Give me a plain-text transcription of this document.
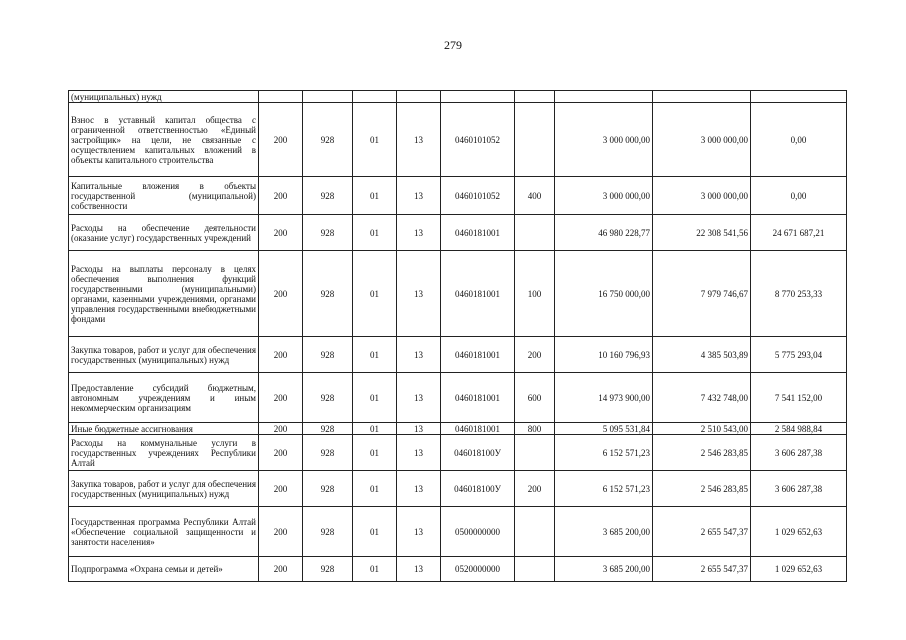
279
(муниципальных) нужд									
Взнос в уставный капитал общества с ограниченной ответственностью «Единый застройщик» на цели, не связанные с осуществлением капитальных вложений в объекты капитального строительства	200	928	01	13	0460101052		3 000 000,00	3 000 000,00	0,00
Капитальные вложения в объекты государственной (муниципальной) собственности	200	928	01	13	0460101052	400	3 000 000,00	3 000 000,00	0,00
Расходы на обеспечение деятельности (оказание услуг) государственных учреждений	200	928	01	13	0460181001		46 980 228,77	22 308 541,56	24 671 687,21
Расходы на выплаты персоналу в целях обеспечения выполнения функций государственными (муниципальными) органами, казенными учреждениями, органами управления государственными внебюджетными фондами	200	928	01	13	0460181001	100	16 750 000,00	7 979 746,67	8 770 253,33
Закупка товаров, работ и услуг для обеспечения государственных (муниципальных) нужд	200	928	01	13	0460181001	200	10 160 796,93	4 385 503,89	5 775 293,04
Предоставление субсидий бюджетным, автономным учреждениям и иным некоммерческим организациям	200	928	01	13	0460181001	600	14 973 900,00	7 432 748,00	7 541 152,00
Иные бюджетные ассигнования	200	928	01	13	0460181001	800	5 095 531,84	2 510 543,00	2 584 988,84
Расходы на коммунальные услуги в государственных учреждениях Республики Алтай	200	928	01	13	046018100У		6 152 571,23	2 546 283,85	3 606 287,38
Закупка товаров, работ и услуг для обеспечения государственных (муниципальных) нужд	200	928	01	13	046018100У	200	6 152 571,23	2 546 283,85	3 606 287,38
Государственная программа Республики Алтай «Обеспечение социальной защищенности и занятости населения»	200	928	01	13	0500000000		3 685 200,00	2 655 547,37	1 029 652,63
Подпрограмма «Охрана семьи и детей»	200	928	01	13	0520000000		3 685 200,00	2 655 547,37	1 029 652,63
